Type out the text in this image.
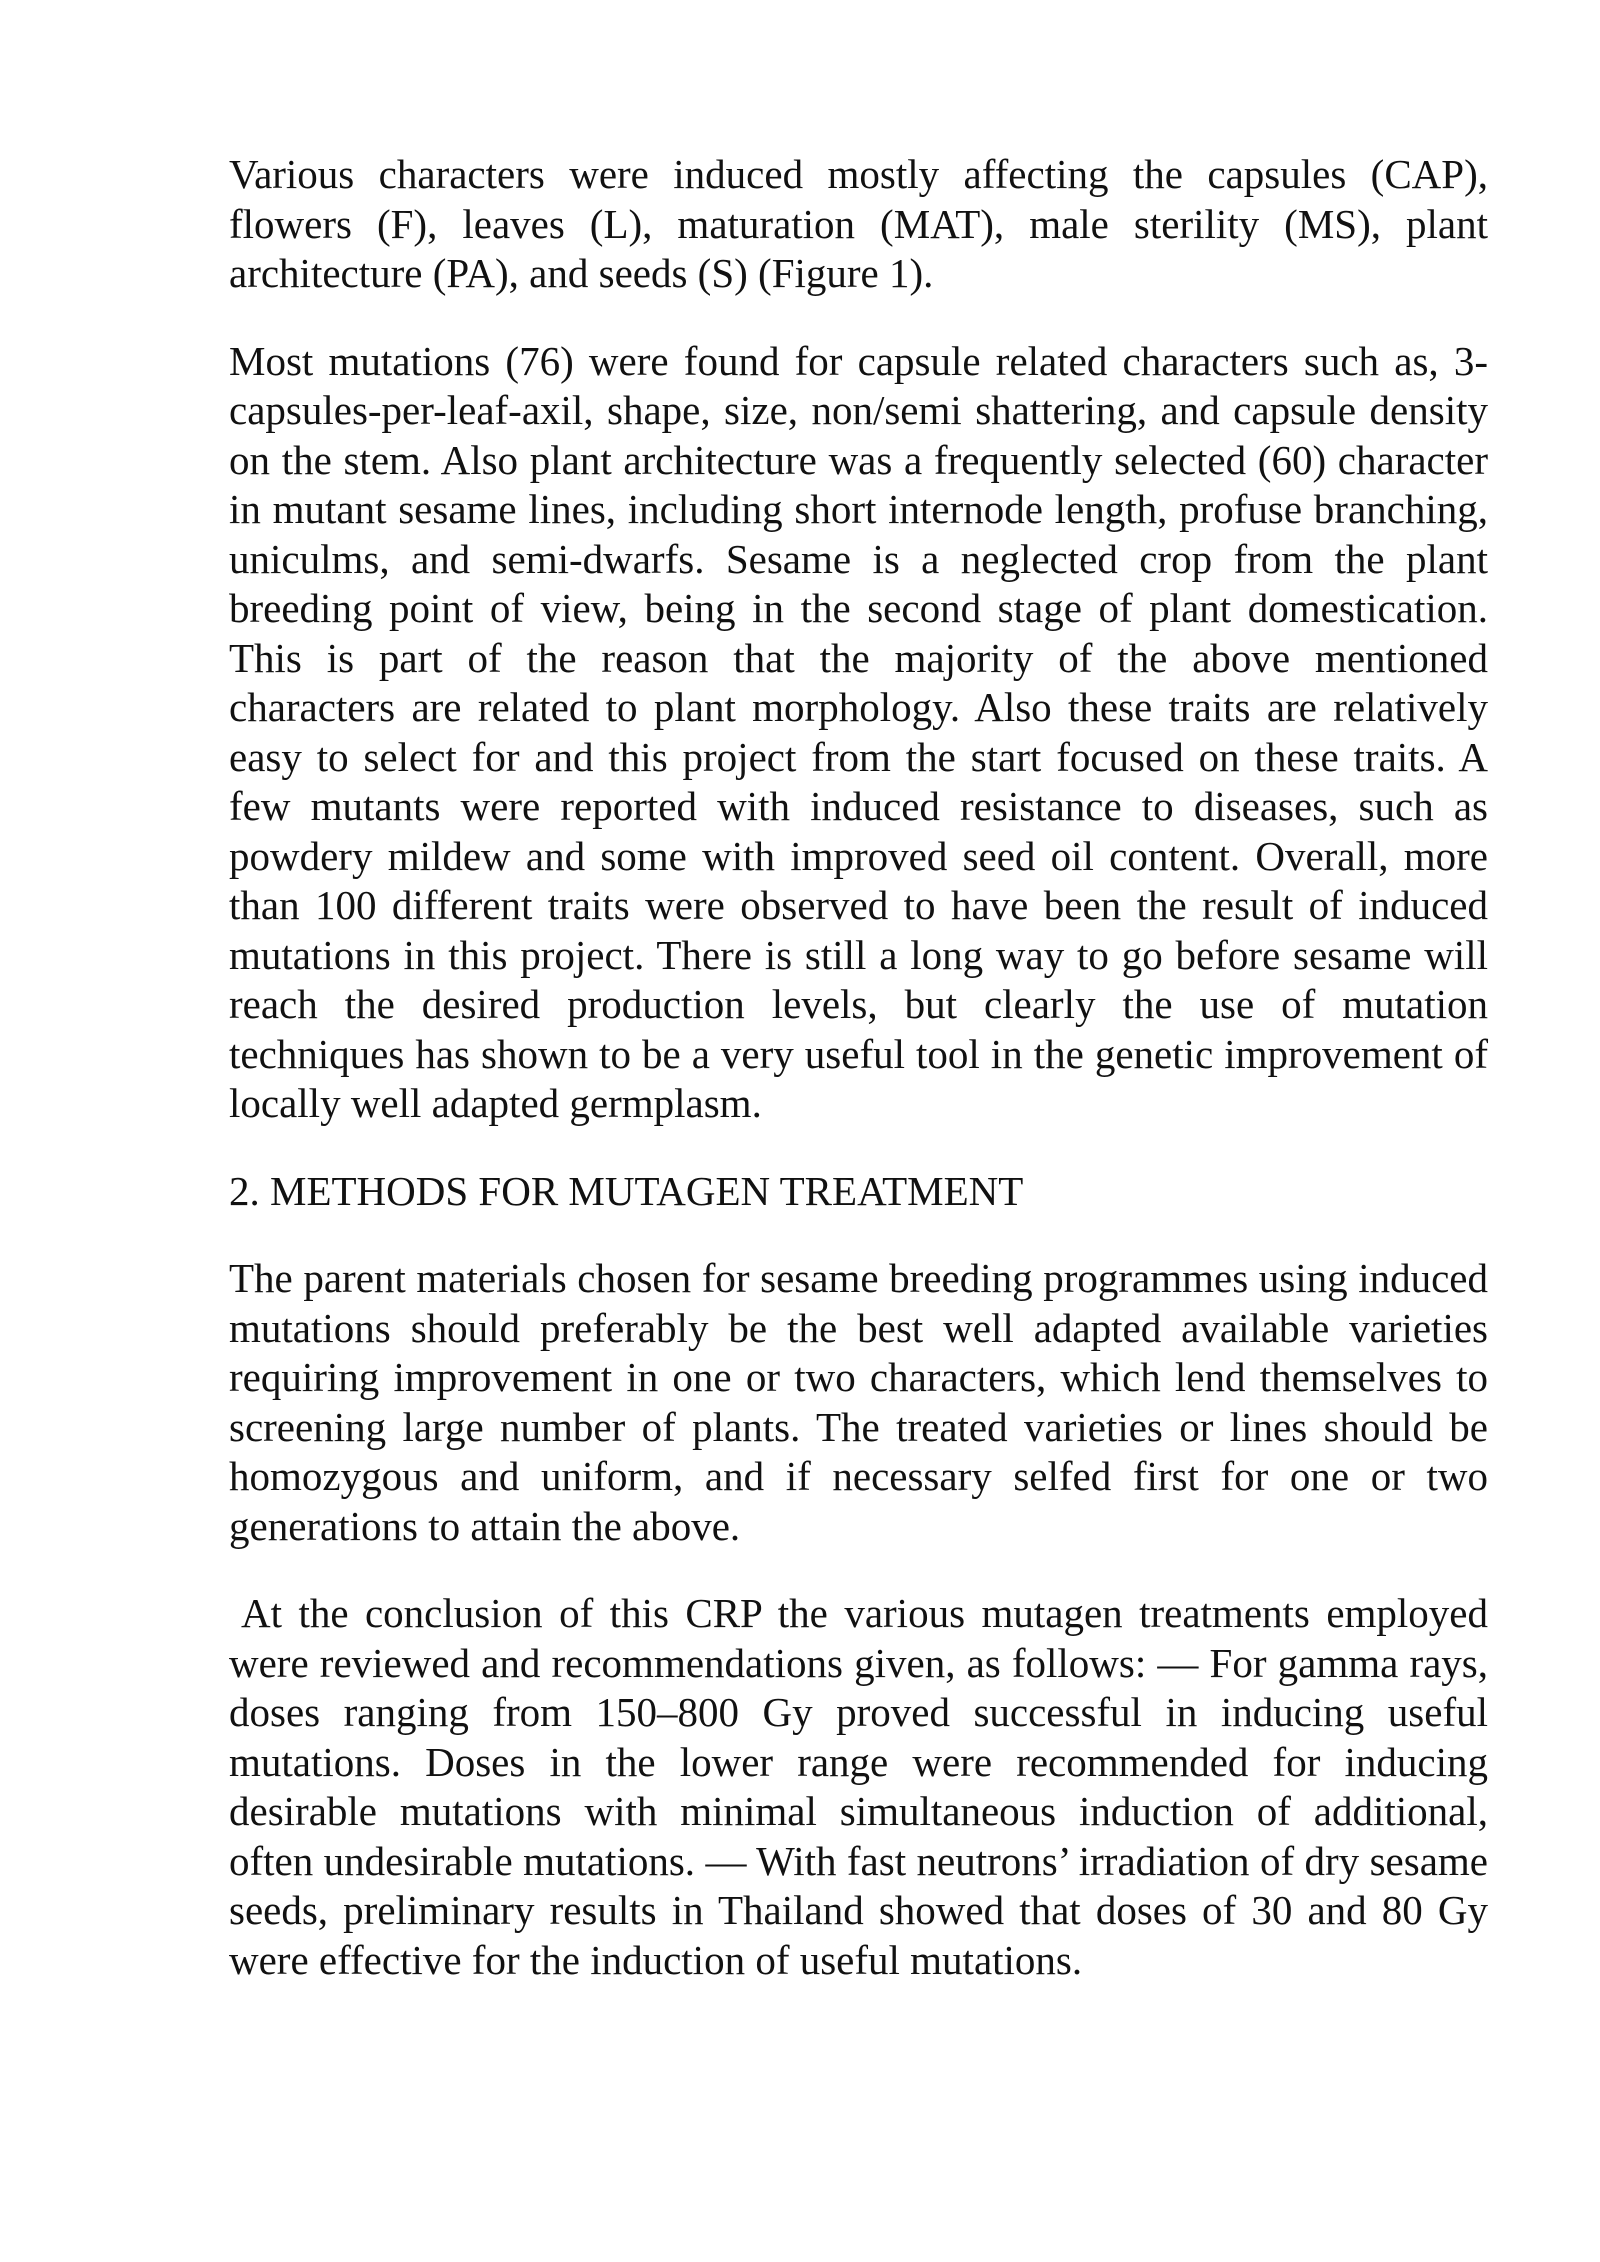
Various characters were induced mostly affecting the capsules (CAP), flowers (F), leaves (L), maturation (MAT), male sterility (MS), plant architecture (PA), and seeds (S) (Figure 1).

Most mutations (76) were found for capsule related characters such as, 3-capsules-per-leaf-axil, shape, size, non/semi shattering, and capsule density on the stem. Also plant architecture was a frequently selected (60) character in mutant sesame lines, including short internode length, profuse branching, uniculms, and semi-dwarfs. Sesame is a neglected crop from the plant breeding point of view, being in the second stage of plant domestication. This is part of the reason that the majority of the above mentioned characters are related to plant morphology. Also these traits are relatively easy to select for and this project from the start focused on these traits. A few mutants were reported with induced resistance to diseases, such as powdery mildew and some with improved seed oil content. Overall, more than 100 different traits were observed to have been the result of induced mutations in this project. There is still a long way to go before sesame will reach the desired production levels, but clearly the use of mutation techniques has shown to be a very useful tool in the genetic improvement of locally well adapted germplasm.

2. METHODS FOR MUTAGEN TREATMENT

The parent materials chosen for sesame breeding programmes using induced mutations should preferably be the best well adapted available varieties requiring improvement in one or two characters, which lend themselves to screening large number of plants. The treated varieties or lines should be homozygous and uniform, and if necessary selfed first for one or two generations to attain the above.

At the conclusion of this CRP the various mutagen treatments employed were reviewed and recommendations given, as follows: — For gamma rays, doses ranging from 150–800 Gy proved successful in inducing useful mutations. Doses in the lower range were recommended for inducing desirable mutations with minimal simultaneous induction of additional, often undesirable mutations. — With fast neutrons’ irradiation of dry sesame seeds, preliminary results in Thailand showed that doses of 30 and 80 Gy were effective for the induction of useful mutations.
